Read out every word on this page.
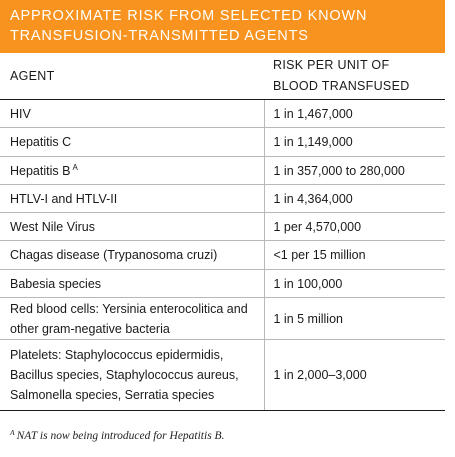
APPROXIMATE RISK FROM SELECTED KNOWN
TRANSFUSION-TRANSMITTED AGENTS
AGENT	RISK PER UNIT OF
BLOOD TRANSFUSED
HIV	1 in 1,467,000
Hepatitis C	1 in 1,149,000
Hepatitis B $^A$	1 in 357,000 to 280,000
HTLV-I and HTLV-II	1 in 4,364,000
West Nile Virus	1 per 4,570,000
Chagas disease (Trypanosoma cruzi)	<1 per 15 million
Babesia species	1 in 100,000
Red blood cells: Yersinia enterocolitica and
other gram-negative bacteria	1 in 5 million
Platelets: Staphylococcus epidermidis,
Bacillus species, Staphylococcus aureus,
Salmonella species, Serratia species	1 in 2,000–3,000
$^A$ NAT is now being introduced for Hepatitis B.
